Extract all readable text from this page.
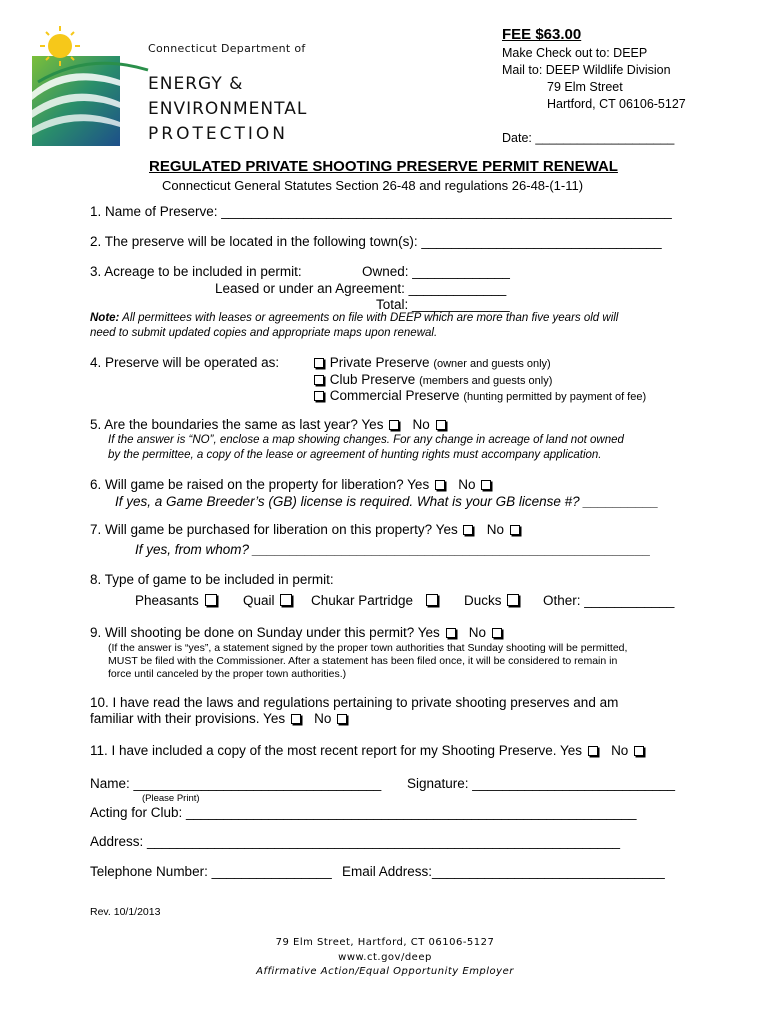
Connecticut Department of
ENERGY &
ENVIRONMENTAL
PROTECTION
FEE $63.00
Make Check out to: DEEP
Mail to: DEEP Wildlife Division
79 Elm Street
Hartford, CT 06106-5127
Date: ____________________
REGULATED PRIVATE SHOOTING PRESERVE PERMIT RENEWAL
Connecticut General Statutes Section 26-48 and regulations 26-48-(1-11)
1. Name of Preserve: ____________________________________________________________
2. The preserve will be located in the following town(s): ________________________________
3. Acreage to be included in permit:	Owned: _____________
Leased or under an Agreement: _____________
Total: _____________
Note: All permittees with leases or agreements on file with DEEP which are more than five years old will
need to submit updated copies and appropriate maps upon renewal.
4. Preserve will be operated as:	Private Preserve (owner and guests only)
Club Preserve (members and guests only)
Commercial Preserve (hunting permitted by payment of fee)
5. Are the boundaries the same as last year? Yes No
If the answer is “NO”, enclose a map showing changes. For any change in acreage of land not owned
by the permittee, a copy of the lease or agreement of hunting rights must accompany application.
6. Will game be raised on the property for liberation? Yes No
If yes, a Game Breeder’s (GB) license is required. What is your GB license #? __________
7. Will game be purchased for liberation on this property? Yes No
If yes, from whom? _____________________________________________________
8. Type of game to be included in permit:
Pheasants	Quail	Chukar Partridge	Ducks	Other: ____________
9. Will shooting be done on Sunday under this permit? Yes No
(If the answer is “yes”, a statement signed by the proper town authorities that Sunday shooting will be permitted,
MUST be filed with the Commissioner. After a statement has been filed once, it will be considered to remain in
force until canceled by the proper town authorities.)
10. I have read the laws and regulations pertaining to private shooting preserves and am
familiar with their provisions. Yes No
11. I have included a copy of the most recent report for my Shooting Preserve. Yes No
Name: _________________________________
(Please Print)
Signature: ___________________________
Acting for Club: ____________________________________________________________
Address: _______________________________________________________________
Telephone Number: ________________ Email Address:_______________________________
Rev. 10/1/2013
79 Elm Street, Hartford, CT 06106-5127
www.ct.gov/deep
Affirmative Action/Equal Opportunity Employer
